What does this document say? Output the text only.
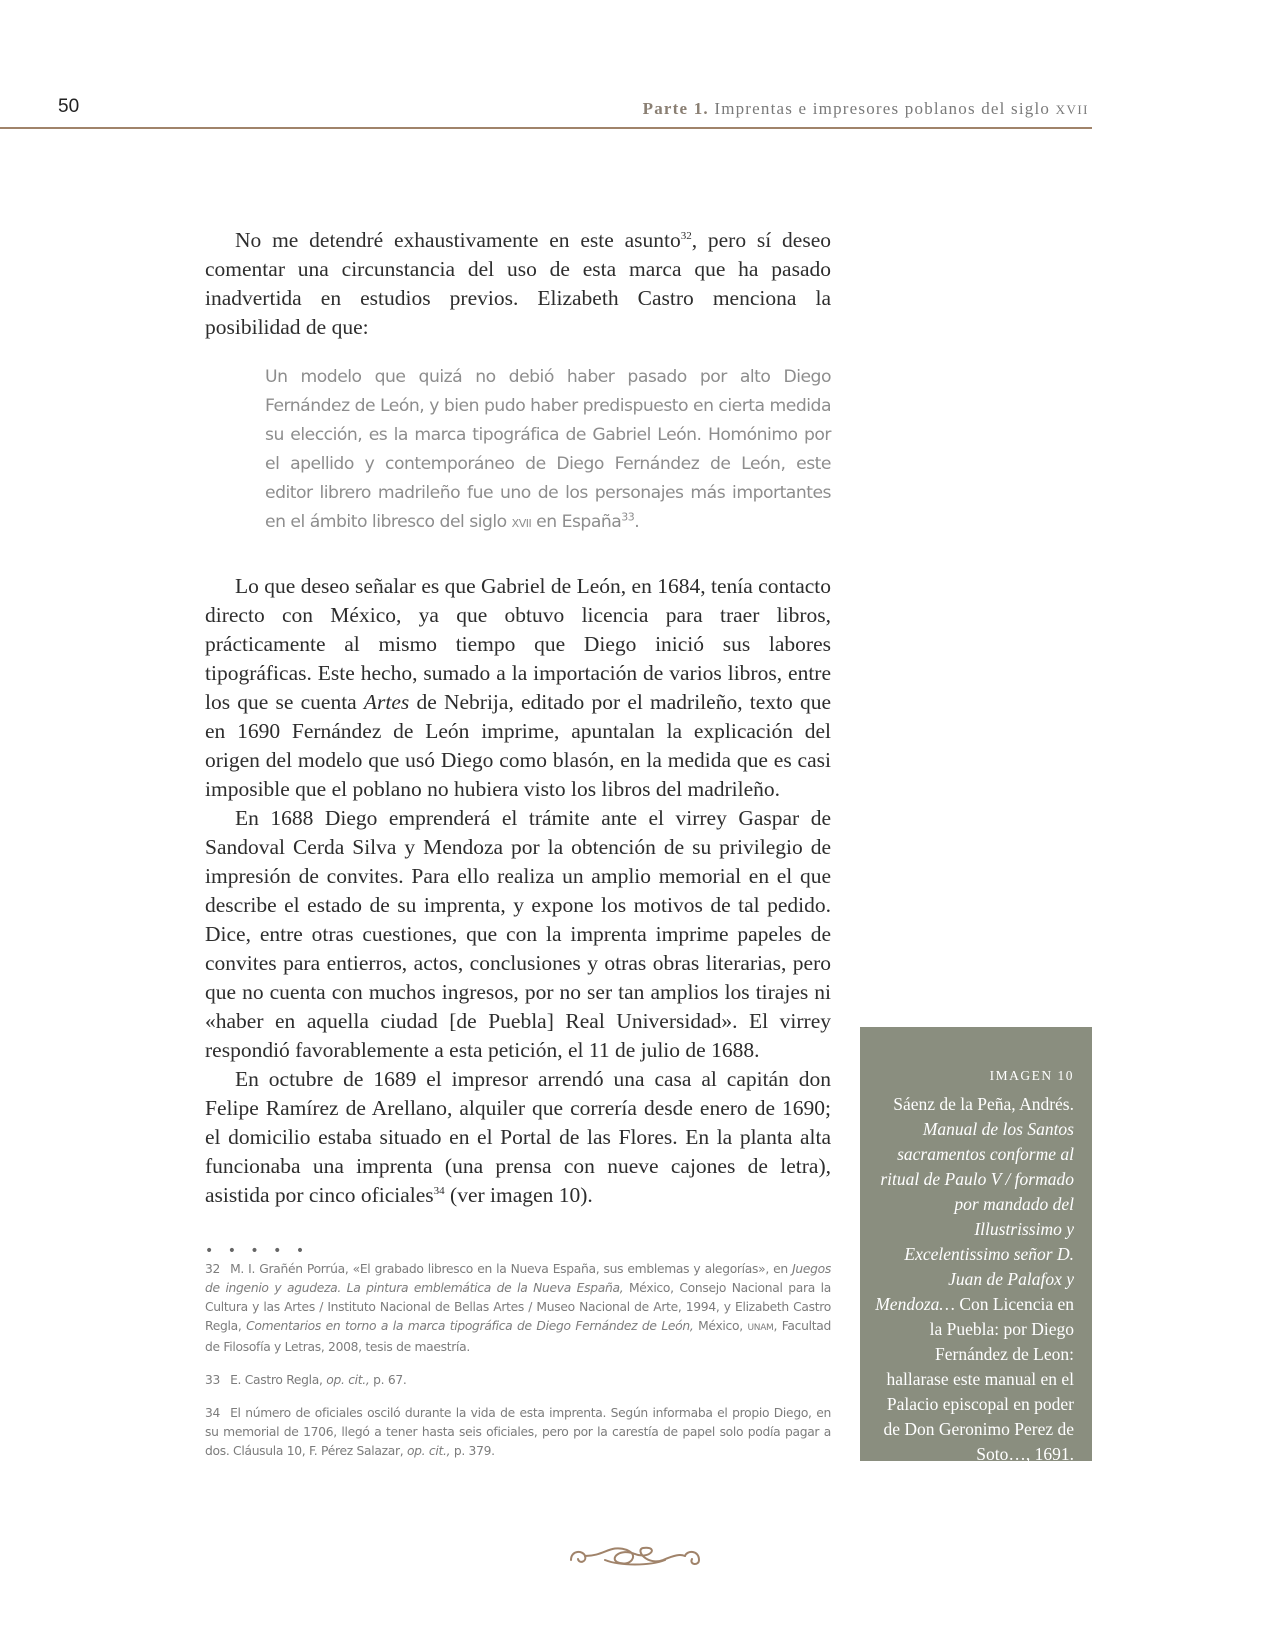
50	Parte 1. Imprentas e impresores poblanos del siglo XVII

No me detendré exhaustivamente en este asunto$^{32}$, pero sí deseo comentar una circunstancia del uso de esta marca que ha pasado inadvertida en estudios previos. Elizabeth Castro menciona la posibilidad de que:

Un modelo que quizá no debió haber pasado por alto Diego Fernández de León, y bien pudo haber predispuesto en cierta medida su elección, es la marca tipográfica de Gabriel León. Homónimo por el apellido y contemporáneo de Diego Fernández de León, este editor librero madrileño fue uno de los personajes más importantes en el ámbito libresco del siglo XVII en España$^{33}$.

Lo que deseo señalar es que Gabriel de León, en 1684, tenía contacto directo con México, ya que obtuvo licencia para traer libros, prácticamente al mismo tiempo que Diego inició sus labores tipográficas. Este hecho, sumado a la importación de varios libros, entre los que se cuenta Artes de Nebrija, editado por el madrileño, texto que en 1690 Fernández de León imprime, apuntalan la explicación del origen del modelo que usó Diego como blasón, en la medida que es casi imposible que el poblano no hubiera visto los libros del madrileño.

En 1688 Diego emprenderá el trámite ante el virrey Gaspar de Sandoval Cerda Silva y Mendoza por la obtención de su privilegio de impresión de convites. Para ello realiza un amplio memorial en el que describe el estado de su imprenta, y expone los motivos de tal pedido. Dice, entre otras cuestiones, que con la imprenta imprime papeles de convites para entierros, actos, conclusiones y otras obras literarias, pero que no cuenta con muchos ingresos, por no ser tan amplios los tirajes ni «haber en aquella ciudad [de Puebla] Real Universidad». El virrey respondió favorablemente a esta petición, el 11 de julio de 1688.

En octubre de 1689 el impresor arrendó una casa al capitán don Felipe Ramírez de Arellano, alquiler que correría desde enero de 1690; el domicilio estaba situado en el Portal de las Flores. En la planta alta funcionaba una imprenta (una prensa con nueve cajones de letra), asistida por cinco oficiales$^{34}$ (ver imagen 10).

• • • • •

32 M. I. Grañén Porrúa, «El grabado libresco en la Nueva España, sus emblemas y alegorías», en Juegos de ingenio y agudeza. La pintura emblemática de la Nueva España, México, Consejo Nacional para la Cultura y las Artes / Instituto Nacional de Bellas Artes / Museo Nacional de Arte, 1994, y Elizabeth Castro Regla, Comentarios en torno a la marca tipográfica de Diego Fernández de León, México, UNAM, Facultad de Filosofía y Letras, 2008, tesis de maestría.

33 E. Castro Regla, op. cit., p. 67.

34 El número de oficiales osciló durante la vida de esta imprenta. Según informaba el propio Diego, en su memorial de 1706, llegó a tener hasta seis oficiales, pero por la carestía de papel solo podía pagar a dos. Cláusula 10, F. Pérez Salazar, op. cit., p. 379.

IMAGEN 10
Sáenz de la Peña, Andrés. Manual de los Santos sacramentos conforme al ritual de Paulo V / formado por mandado del Illustrissimo y Excelentissimo señor D. Juan de Palafox y Mendoza… Con Licencia en la Puebla: por Diego Fernández de Leon: hallarase este manual en el Palacio episcopal en poder de Don Geronimo Perez de Soto…, 1691.
Ref. 32071
